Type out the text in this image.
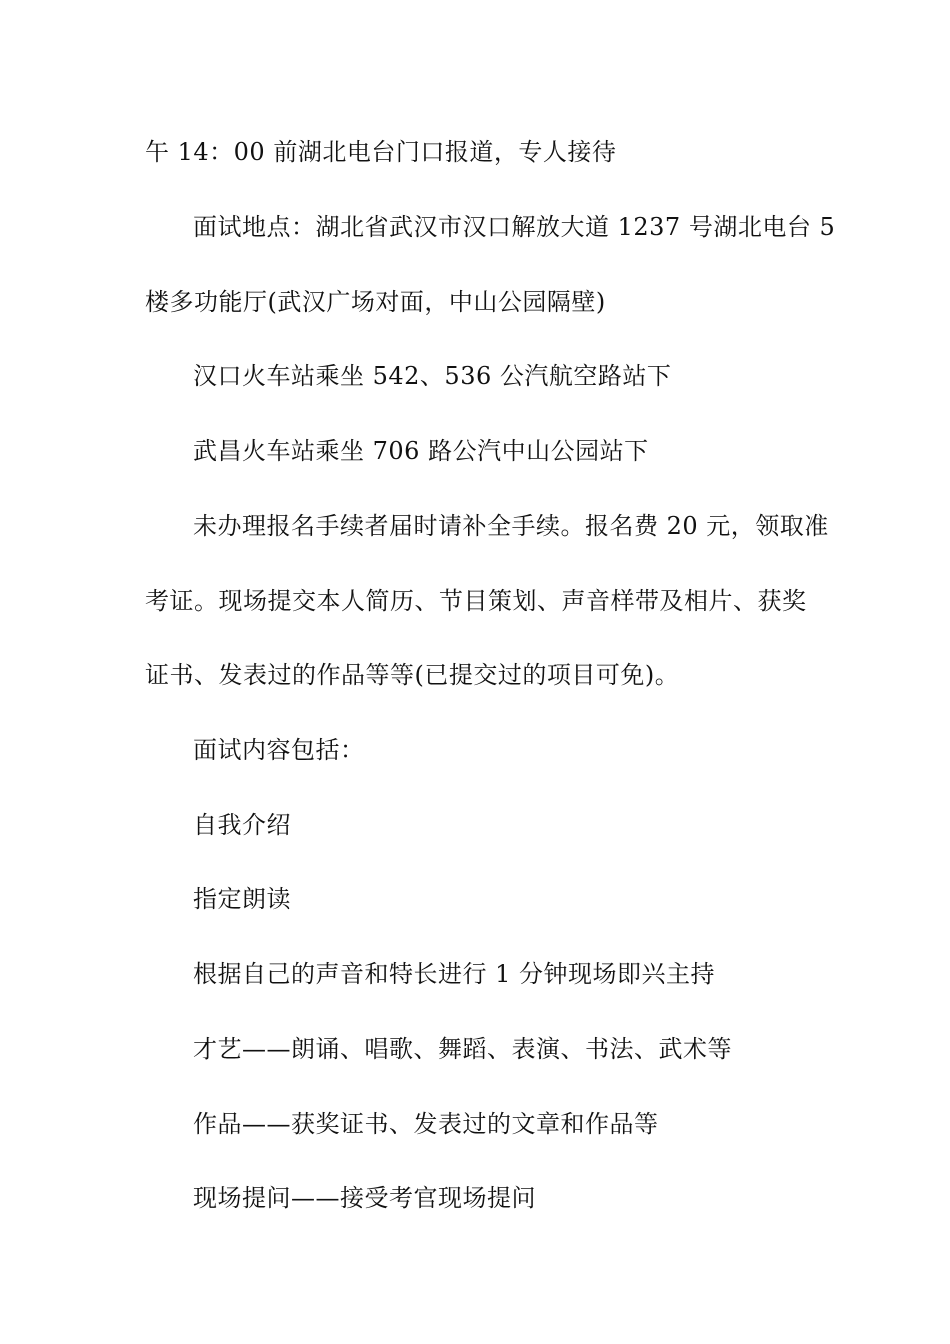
午 14：00 前湖北电台门口报道，专人接待

面试地点：湖北省武汉市汉口解放大道 1237 号湖北电台 5

楼多功能厅(武汉广场对面，中山公园隔壁)

汉口火车站乘坐 542、536 公汽航空路站下

武昌火车站乘坐 706 路公汽中山公园站下

未办理报名手续者届时请补全手续。报名费 20 元，领取准

考证。现场提交本人简历、节目策划、声音样带及相片、获奖

证书、发表过的作品等等(已提交过的项目可免)。

面试内容包括：

自我介绍

指定朗读

根据自己的声音和特长进行 1 分钟现场即兴主持

才艺——朗诵、唱歌、舞蹈、表演、书法、武术等

作品——获奖证书、发表过的文章和作品等

现场提问——接受考官现场提问
